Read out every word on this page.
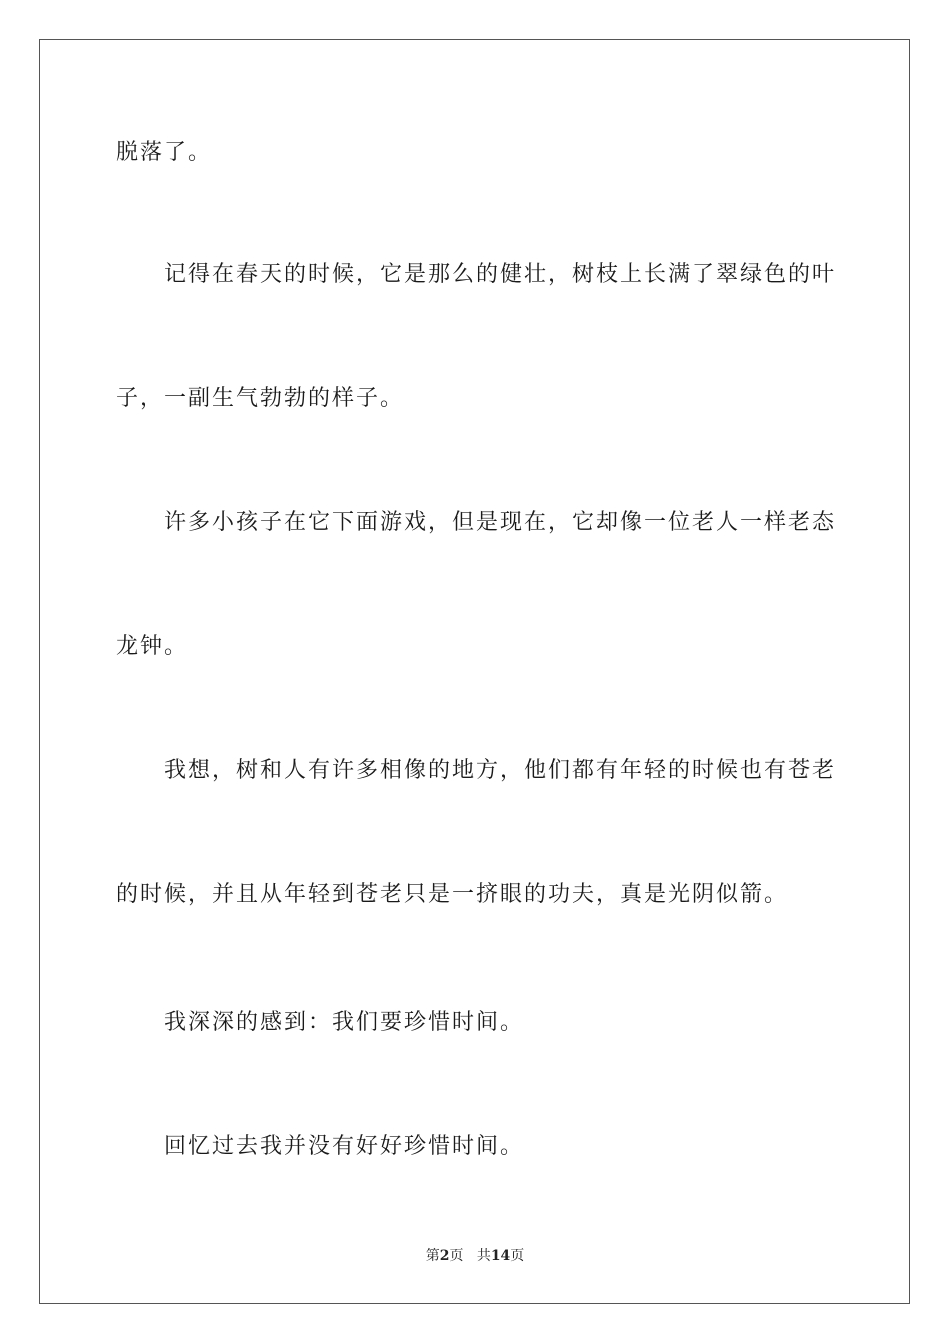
脱落了。
记得在春天的时候，它是那么的健壮，树枝上长满了翠绿色的叶
子，一副生气勃勃的样子。
许多小孩子在它下面游戏，但是现在，它却像一位老人一样老态
龙钟。
我想，树和人有许多相像的地方，他们都有年轻的时候也有苍老
的时候，并且从年轻到苍老只是一挤眼的功夫，真是光阴似箭。
我深深的感到：我们要珍惜时间。
回忆过去我并没有好好珍惜时间。
第2页 共14页
